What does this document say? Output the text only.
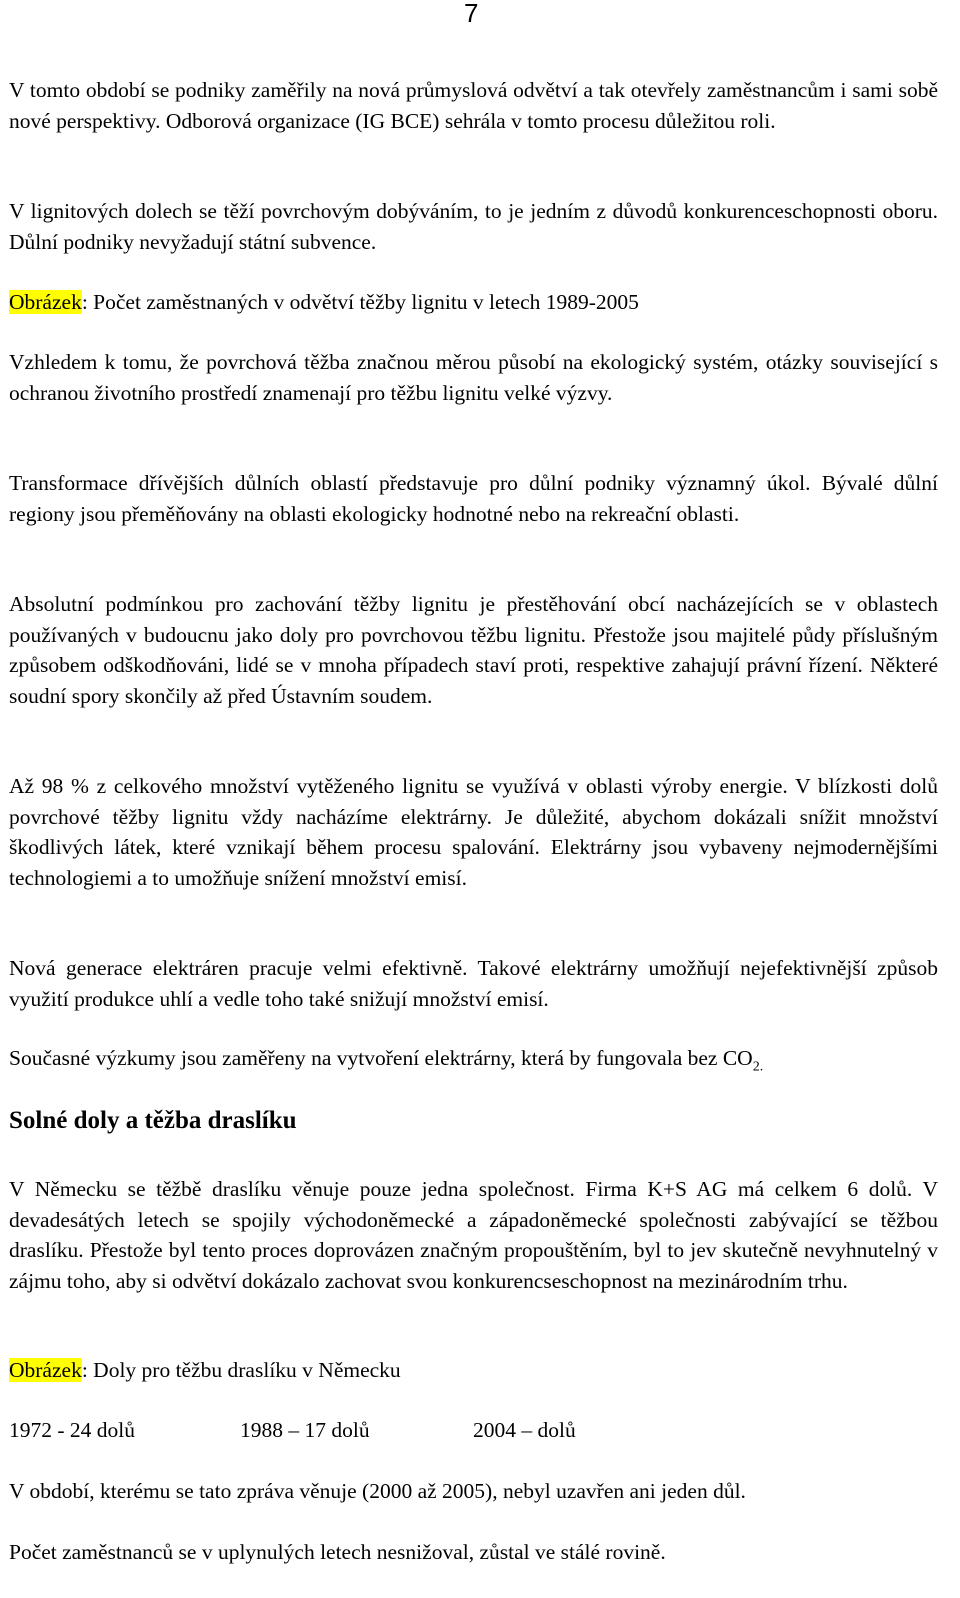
7

V tomto období se podniky zaměřily na nová průmyslová odvětví a tak otevřely zaměstnancům i sami sobě nové perspektivy. Odborová organizace (IG BCE) sehrála v tomto procesu důležitou roli.

V lignitových dolech se těží povrchovým dobýváním, to je jedním z důvodů konkurenceschopnosti oboru. Důlní podniky nevyžadují státní subvence.

Obrázek: Počet zaměstnaných v odvětví těžby lignitu v letech 1989-2005

Vzhledem k tomu, že povrchová těžba značnou měrou působí na ekologický systém, otázky související s ochranou životního prostředí znamenají pro těžbu lignitu velké výzvy.

Transformace dřívějších důlních oblastí představuje pro důlní podniky významný úkol. Bývalé důlní regiony jsou přeměňovány na oblasti ekologicky hodnotné nebo na rekreační oblasti.

Absolutní podmínkou pro zachování těžby lignitu je přestěhování obcí nacházejících se v oblastech používaných v budoucnu jako doly pro povrchovou těžbu lignitu. Přestože jsou majitelé půdy příslušným způsobem odškodňováni, lidé se v mnoha případech staví proti, respektive zahajují právní řízení. Některé soudní spory skončily až před Ústavním soudem.

Až 98 % z celkového množství vytěženého lignitu se využívá v oblasti výroby energie. V blízkosti dolů povrchové těžby lignitu vždy nacházíme elektrárny. Je důležité, abychom dokázali snížit množství škodlivých látek, které vznikají během procesu spalování. Elektrárny jsou vybaveny nejmodernějšími technologiemi a to umožňuje snížení množství emisí.

Nová generace elektráren pracuje velmi efektivně. Takové elektrárny umožňují nejefektivnější způsob využití produkce uhlí a vedle toho také snižují množství emisí.

Současné výzkumy jsou zaměřeny na vytvoření elektrárny, která by fungovala bez $CO_{2.}$

Solné doly a těžba draslíku

V Německu se těžbě draslíku věnuje pouze jedna společnost. Firma K+S AG má celkem 6 dolů. V devadesátých letech se spojily východoněmecké a západoněmecké společnosti zabývající se těžbou draslíku. Přestože byl tento proces doprovázen značným propouštěním, byl to jev skutečně nevyhnutelný v zájmu toho, aby si odvětví dokázalo zachovat svou konkurencseschopnost na mezinárodním trhu.

Obrázek: Doly pro těžbu draslíku v Německu

1972 - 24 dolů	1988 – 17 dolů	2004 – dolů

V období, kterému se tato zpráva věnuje (2000 až 2005), nebyl uzavřen ani jeden důl.

Počet zaměstnanců se v uplynulých letech nesnižoval, zůstal ve stálé rovině.
